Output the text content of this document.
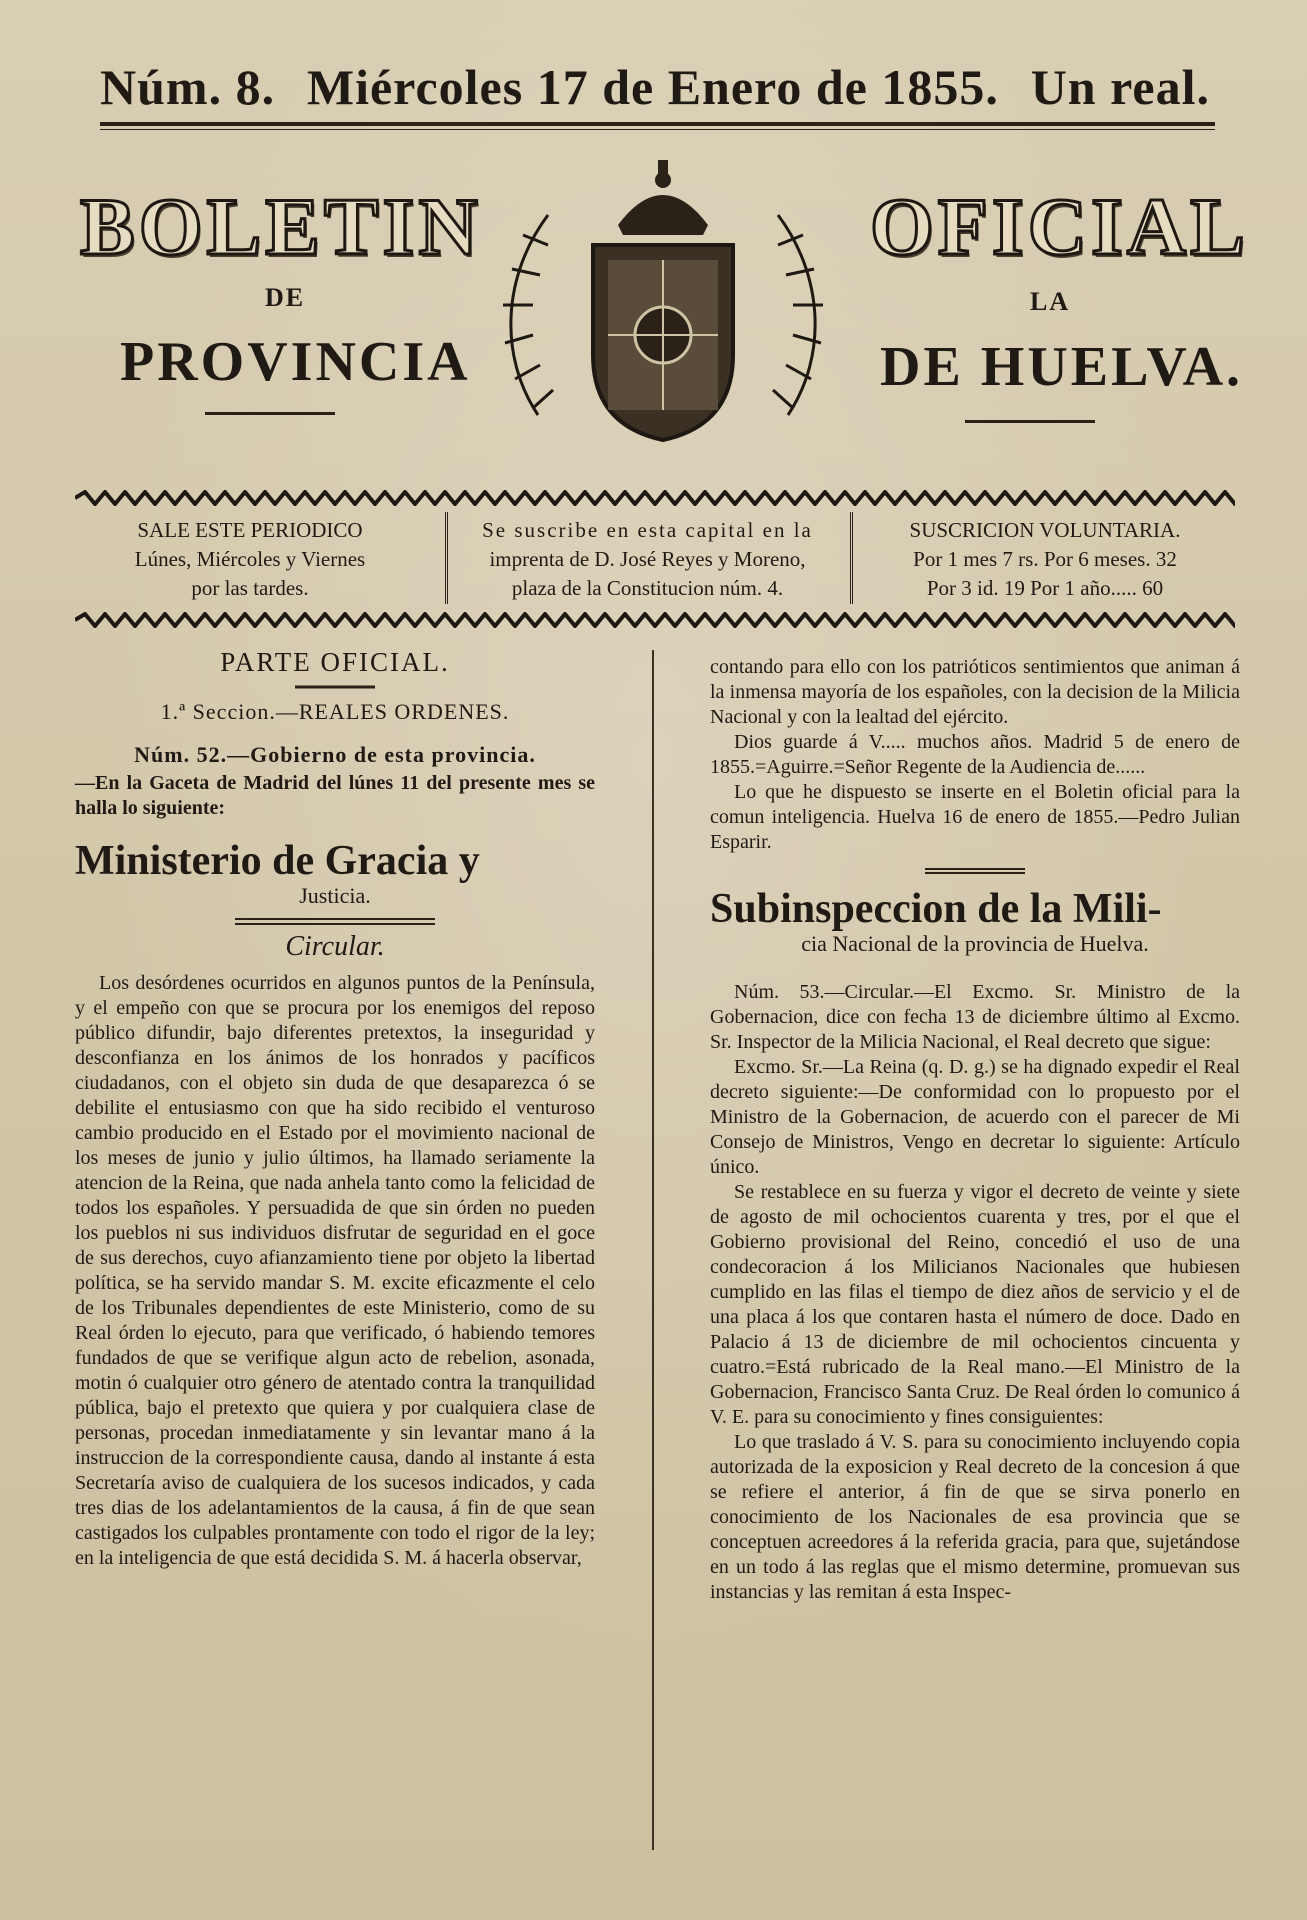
Núm. 8. Miércoles 17 de Enero de 1855. Un real.
BOLETIN	OFICIAL
DE	LA
PROVINCIA	DE HUELVA.
SALE ESTE PERIODICO
Lúnes, Miércoles y Viernes
por las tardes.
Se suscribe en esta capital en la
imprenta de D. José Reyes y Moreno,
plaza de la Constitucion núm. 4.
SUSCRICION VOLUNTARIA.
Por 1 mes 7 rs. Por 6 meses. 32
Por 3 id. 19 Por 1 año..... 60
PARTE OFICIAL.
1.ª Seccion.—REALES ORDENES.
Núm. 52.—Gobierno de esta provincia.

—En la Gaceta de Madrid del lúnes 11 del presente mes se halla lo siguiente:

Ministerio de Gracia y
Justicia.
Circular.

Los desórdenes ocurridos en algunos puntos de la Península, y el empeño con que se procura por los enemigos del reposo público difundir, bajo diferentes pretextos, la inseguridad y desconfianza en los ánimos de los honrados y pacíficos ciudadanos, con el objeto sin duda de que desaparezca ó se debilite el entusiasmo con que ha sido recibido el venturoso cambio producido en el Estado por el movimiento nacional de los meses de junio y julio últimos, ha llamado seriamente la atencion de la Reina, que nada anhela tanto como la felicidad de todos los españoles. Y persuadida de que sin órden no pueden los pueblos ni sus individuos disfrutar de seguridad en el goce de sus derechos, cuyo afianzamiento tiene por objeto la libertad política, se ha servido mandar S. M. excite eficazmente el celo de los Tribunales dependientes de este Ministerio, como de su Real órden lo ejecuto, para que verificado, ó habiendo temores fundados de que se verifique algun acto de rebelion, asonada, motin ó cualquier otro género de atentado contra la tranquilidad pública, bajo el pretexto que quiera y por cualquiera clase de personas, procedan inmediatamente y sin levantar mano á la instruccion de la correspondiente causa, dando al instante á esta Secretaría aviso de cualquiera de los sucesos indicados, y cada tres dias de los adelantamientos de la causa, á fin de que sean castigados los culpables prontamente con todo el rigor de la ley; en la inteligencia de que está decidida S. M. á hacerla observar,

contando para ello con los patrióticos sentimientos que animan á la inmensa mayoría de los españoles, con la decision de la Milicia Nacional y con la lealtad del ejército.

Dios guarde á V..... muchos años. Madrid 5 de enero de 1855.=Aguirre.=Señor Regente de la Audiencia de......

Lo que he dispuesto se inserte en el Boletin oficial para la comun inteligencia. Huelva 16 de enero de 1855.—Pedro Julian Esparir.

Subinspeccion de la Mili-
cia Nacional de la provincia de Huelva.

Núm. 53.—Circular.—El Excmo. Sr. Ministro de la Gobernacion, dice con fecha 13 de diciembre último al Excmo. Sr. Inspector de la Milicia Nacional, el Real decreto que sigue:

Excmo. Sr.—La Reina (q. D. g.) se ha dignado expedir el Real decreto siguiente:—De conformidad con lo propuesto por el Ministro de la Gobernacion, de acuerdo con el parecer de Mi Consejo de Ministros, Vengo en decretar lo siguiente: Artículo único.

Se restablece en su fuerza y vigor el decreto de veinte y siete de agosto de mil ochocientos cuarenta y tres, por el que el Gobierno provisional del Reino, concedió el uso de una condecoracion á los Milicianos Nacionales que hubiesen cumplido en las filas el tiempo de diez años de servicio y el de una placa á los que contaren hasta el número de doce. Dado en Palacio á 13 de diciembre de mil ochocientos cincuenta y cuatro.=Está rubricado de la Real mano.—El Ministro de la Gobernacion, Francisco Santa Cruz. De Real órden lo comunico á V. E. para su conocimiento y fines consiguientes:

Lo que traslado á V. S. para su conocimiento incluyendo copia autorizada de la exposicion y Real decreto de la concesion á que se refiere el anterior, á fin de que se sirva ponerlo en conocimiento de los Nacionales de esa provincia que se conceptuen acreedores á la referida gracia, para que, sujetándose en un todo á las reglas que el mismo determine, promuevan sus instancias y las remitan á esta Inspec-
